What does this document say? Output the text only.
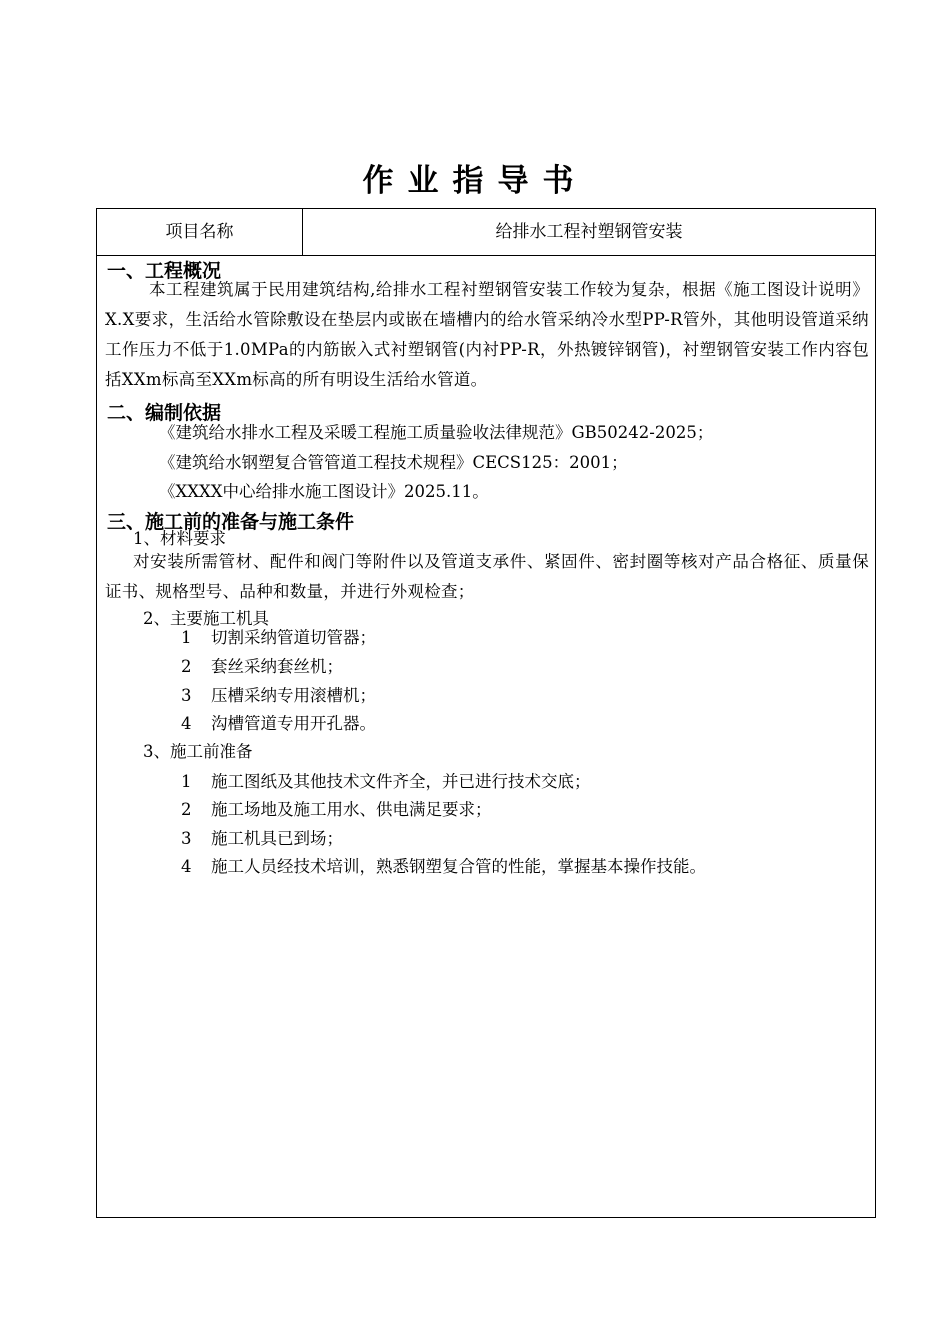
作业指导书
项目名称	给排水工程衬塑钢管安装
一、工程概况
本工程建筑属于民用建筑结构,给排水工程衬塑钢管安装工作较为复杂，根据《施工图设计说明》X.X要求，生活给水管除敷设在垫层内或嵌在墙槽内的给水管采纳冷水型PP-R管外，其他明设管道采纳工作压力不低于1.0MPa的内筋嵌入式衬塑钢管(内衬PP-R，外热镀锌钢管)，衬塑钢管安装工作内容包括XXm标高至XXm标高的所有明设生活给水管道。
二、编制依据
《建筑给水排水工程及采暖工程施工质量验收法律规范》GB50242-2025；
《建筑给水钢塑复合管管道工程技术规程》CECS125：2001；
《XXXX中心给排水施工图设计》2025.11。
三、施工前的准备与施工条件
1、材料要求
对安装所需管材、配件和阀门等附件以及管道支承件、紧固件、密封圈等核对产品合格征、质量保证书、规格型号、品种和数量，并进行外观检查；
2、主要施工机具
1 切割采纳管道切管器；
2 套丝采纳套丝机；
3 压槽采纳专用滚槽机；
4 沟槽管道专用开孔器。
3、施工前准备
1 施工图纸及其他技术文件齐全，并已进行技术交底；
2 施工场地及施工用水、供电满足要求；
3 施工机具已到场；
4 施工人员经技术培训，熟悉钢塑复合管的性能，掌握基本操作技能。
